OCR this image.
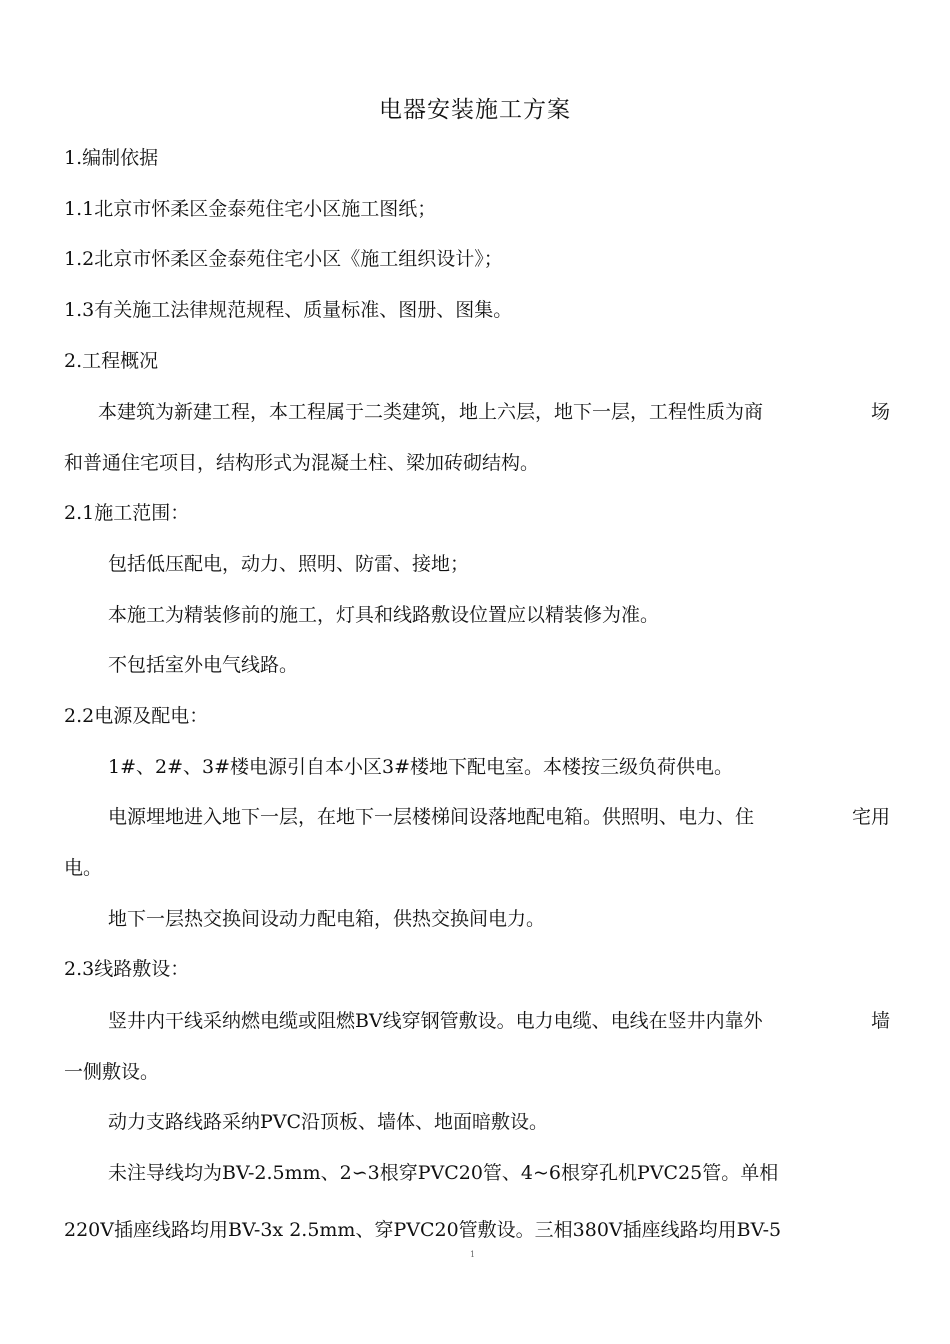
电器安装施工方案
1.编制依据
1.1北京市怀柔区金泰苑住宅小区施工图纸；
1.2北京市怀柔区金泰苑住宅小区《施工组织设计》；
1.3有关施工法律规范规程、质量标准、图册、图集。
2.工程概况
本建筑为新建工程，本工程属于二类建筑，地上六层，地下一层，工程性质为商	场
和普通住宅项目，结构形式为混凝土柱、梁加砖砌结构。
2.1施工范围：
包括低压配电，动力、照明、防雷、接地；
本施工为精装修前的施工，灯具和线路敷设位置应以精装修为准。
不包括室外电气线路。
2.2电源及配电：
1#、2#、3#楼电源引自本小区3#楼地下配电室。本楼按三级负荷供电。
电源埋地进入地下一层，在地下一层楼梯间设落地配电箱。供照明、电力、住	宅用
电。
地下一层热交换间设动力配电箱，供热交换间电力。
2.3线路敷设：
竖井内干线采纳燃电缆或阻燃BV线穿钢管敷设。电力电缆、电线在竖井内靠外	墙
一侧敷设。
动力支路线路采纳PVC沿顶板、墙体、地面暗敷设。
未注导线均为BV-2.5mm、2∽3根穿PVC20管、4~6根穿孔机PVC25管。单相
220V插座线路均用BV-3x 2.5mm、穿PVC20管敷设。三相380V插座线路均用BV-5
1
